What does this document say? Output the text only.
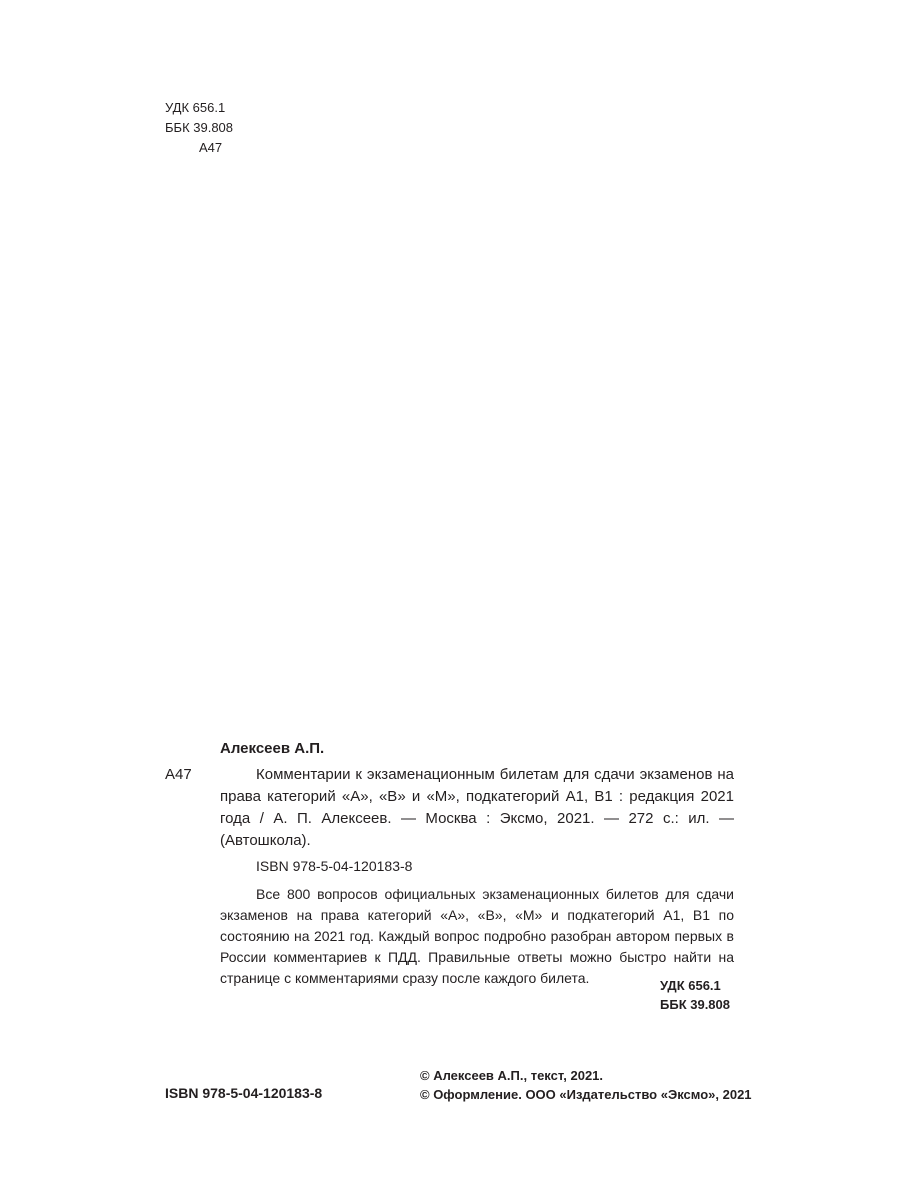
УДК 656.1
ББК 39.808
А47
Алексеев А.П.
А47	Комментарии к экзаменационным билетам для сдачи экзаменов на права категорий «А», «В» и «М», подкатегорий А1, В1 : редакция 2021 года / А. П. Алексеев. — Москва : Эксмо, 2021. — 272 с.: ил. — (Автошкола).
ISBN 978-5-04-120183-8
Все 800 вопросов официальных экзаменационных билетов для сдачи экзаменов на права категорий «А», «В», «М» и подкатегорий А1, В1 по состоянию на 2021 год. Каждый вопрос подробно разобран автором первых в России комментариев к ПДД. Правильные ответы можно быстро найти на странице с комментариями сразу после каждого билета.	УДК 656.1
ББК 39.808
© Алексеев А.П., текст, 2021.
© Оформление. ООО «Издательство «Эксмо», 2021
ISBN 978-5-04-120183-8
